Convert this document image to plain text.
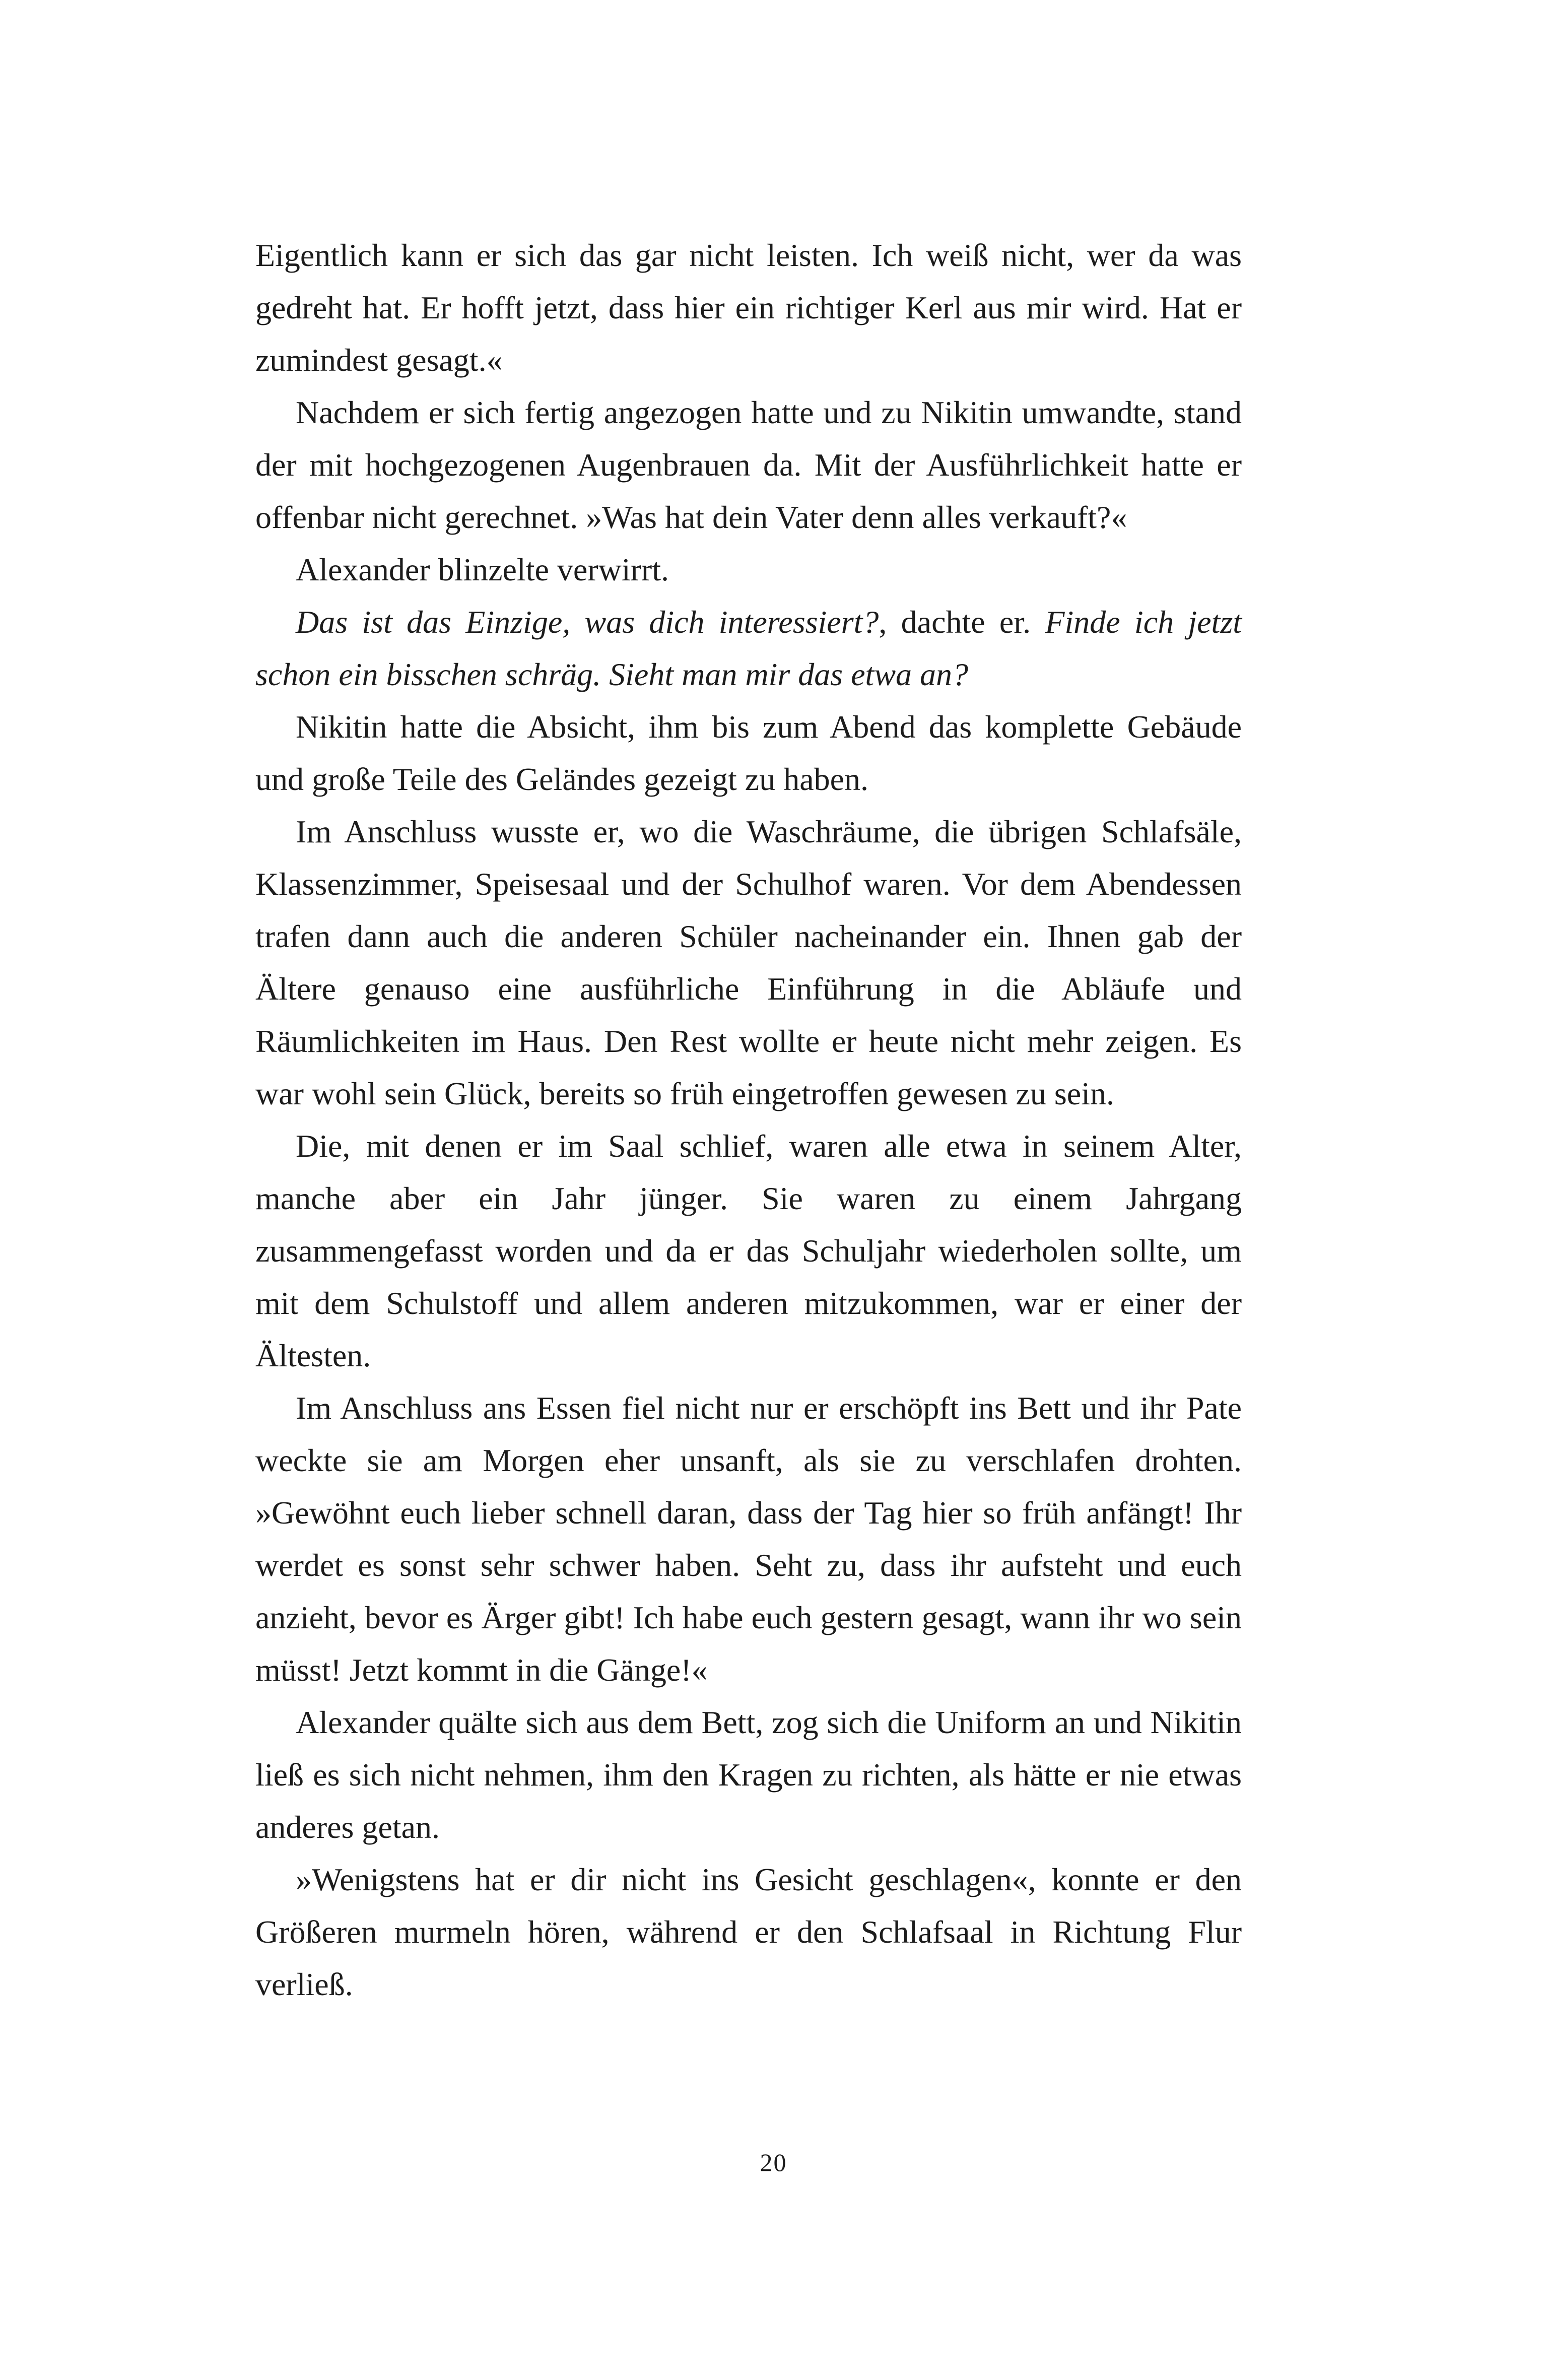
Eigentlich kann er sich das gar nicht leisten. Ich weiß nicht, wer da was gedreht hat. Er hofft jetzt, dass hier ein richtiger Kerl aus mir wird. Hat er zumindest gesagt.«

Nachdem er sich fertig angezogen hatte und zu Nikitin umwandte, stand der mit hochgezogenen Augenbrauen da. Mit der Ausführlichkeit hatte er offenbar nicht gerechnet. »Was hat dein Vater denn alles verkauft?«

Alexander blinzelte verwirrt.

Das ist das Einzige, was dich interessiert?, dachte er. Finde ich jetzt schon ein bisschen schräg. Sieht man mir das etwa an?

Nikitin hatte die Absicht, ihm bis zum Abend das komplette Gebäude und große Teile des Geländes gezeigt zu haben.

Im Anschluss wusste er, wo die Waschräume, die übrigen Schlafsäle, Klassenzimmer, Speisesaal und der Schulhof waren. Vor dem Abendessen trafen dann auch die anderen Schüler nacheinander ein. Ihnen gab der Ältere genauso eine ausführliche Einführung in die Abläufe und Räumlichkeiten im Haus. Den Rest wollte er heute nicht mehr zeigen. Es war wohl sein Glück, bereits so früh eingetroffen gewesen zu sein.

Die, mit denen er im Saal schlief, waren alle etwa in seinem Alter, manche aber ein Jahr jünger. Sie waren zu einem Jahrgang zusammengefasst worden und da er das Schuljahr wiederholen sollte, um mit dem Schulstoff und allem anderen mitzukommen, war er einer der Ältesten.

Im Anschluss ans Essen fiel nicht nur er erschöpft ins Bett und ihr Pate weckte sie am Morgen eher unsanft, als sie zu verschlafen drohten. »Gewöhnt euch lieber schnell daran, dass der Tag hier so früh anfängt! Ihr werdet es sonst sehr schwer haben. Seht zu, dass ihr aufsteht und euch anzieht, bevor es Ärger gibt! Ich habe euch gestern gesagt, wann ihr wo sein müsst! Jetzt kommt in die Gänge!«

Alexander quälte sich aus dem Bett, zog sich die Uniform an und Nikitin ließ es sich nicht nehmen, ihm den Kragen zu richten, als hätte er nie etwas anderes getan.

»Wenigstens hat er dir nicht ins Gesicht geschlagen«, konnte er den Größeren murmeln hören, während er den Schlafsaal in Richtung Flur verließ.

20
